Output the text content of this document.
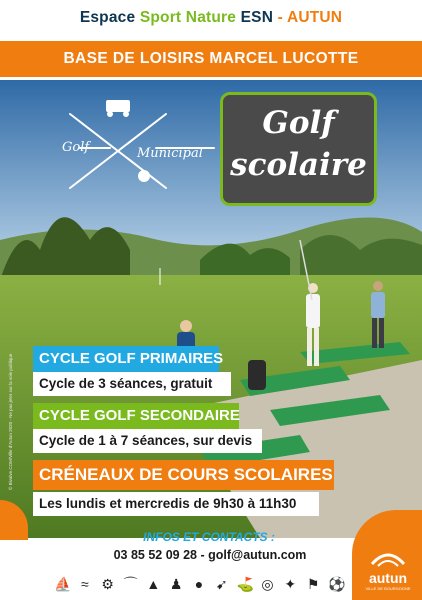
Espace Sport Nature ESN - AUTUN
BASE DE LOISIRS MARCEL LUCOTTE
Golf	Municipal
Golf
scolaire
CYCLE GOLF PRIMAIRES
Cycle de 3 séances, gratuit
CYCLE GOLF SECONDAIRE
Cycle de 1 à 7 séances, sur devis
CRÉNEAUX DE COURS SCOLAIRES
Les lundis et mercredis de 9h30 à 11h30
© Bivalve.COM/Ville d'Autun 2020 - Ne pas jeter sur la voie publique
INFOS ET CONTACTS :
03 85 52 09 28 - golf@autun.com
⛵ ≈ ⚙ ⌒ ▲ ♟ ● ➹ ⛳ ◎ ✦ ⚑ ⚽	autun
VILLE DE BOURGOGNE
